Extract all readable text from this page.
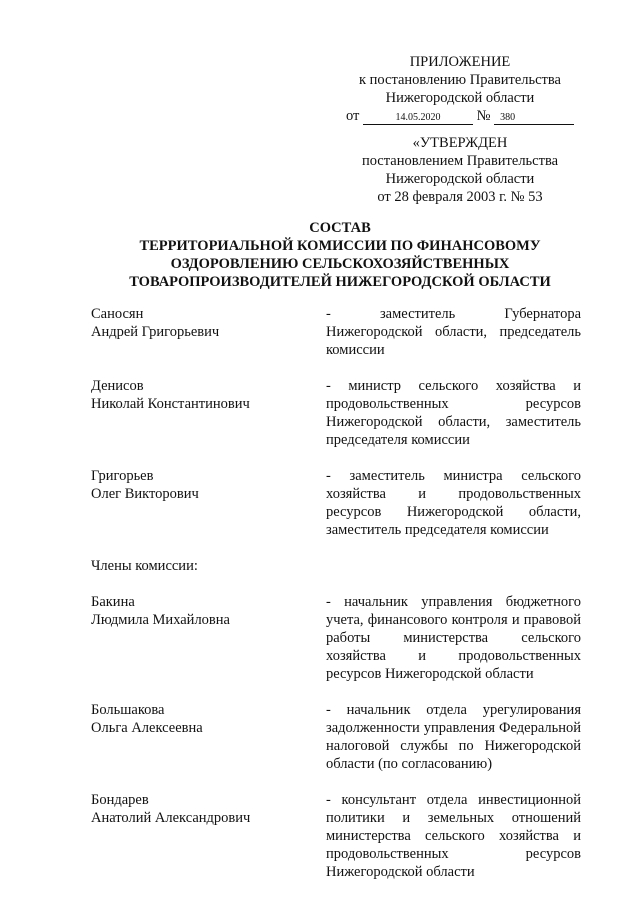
ПРИЛОЖЕНИЕ
к постановлению Правительства
Нижегородской области
от	14.05.2020 № 380
«УТВЕРЖДЕН
постановлением Правительства
Нижегородской области
от 28 февраля 2003 г. № 53
СОСТАВ
ТЕРРИТОРИАЛЬНОЙ КОМИССИИ ПО ФИНАНСОВОМУ
ОЗДОРОВЛЕНИЮ СЕЛЬСКОХОЗЯЙСТВЕННЫХ
ТОВАРОПРОИЗВОДИТЕЛЕЙ НИЖЕГОРОДСКОЙ ОБЛАСТИ
Саносян
Андрей Григорьевич
- заместитель Губернатора Нижегородской области, председатель комиссии
Денисов
Николай Константинович
- министр сельского хозяйства и продовольственных ресурсов Нижегородской области, заместитель председателя комиссии
Григорьев
Олег Викторович
- заместитель министра сельского хозяйства и продовольственных ресурсов Нижегородской области, заместитель председателя комиссии
Члены комиссии:
Бакина
Людмила Михайловна
- начальник управления бюджетного учета, финансового контроля и правовой работы министерства сельского хозяйства и продовольственных ресурсов Нижегородской области
Большакова
Ольга Алексеевна
- начальник отдела урегулирования задолженности управления Федеральной налоговой службы по Нижегородской области (по согласованию)
Бондарев
Анатолий Александрович
- консультант отдела инвестиционной политики и земельных отношений министерства сельского хозяйства и продовольственных ресурсов Нижегородской области
